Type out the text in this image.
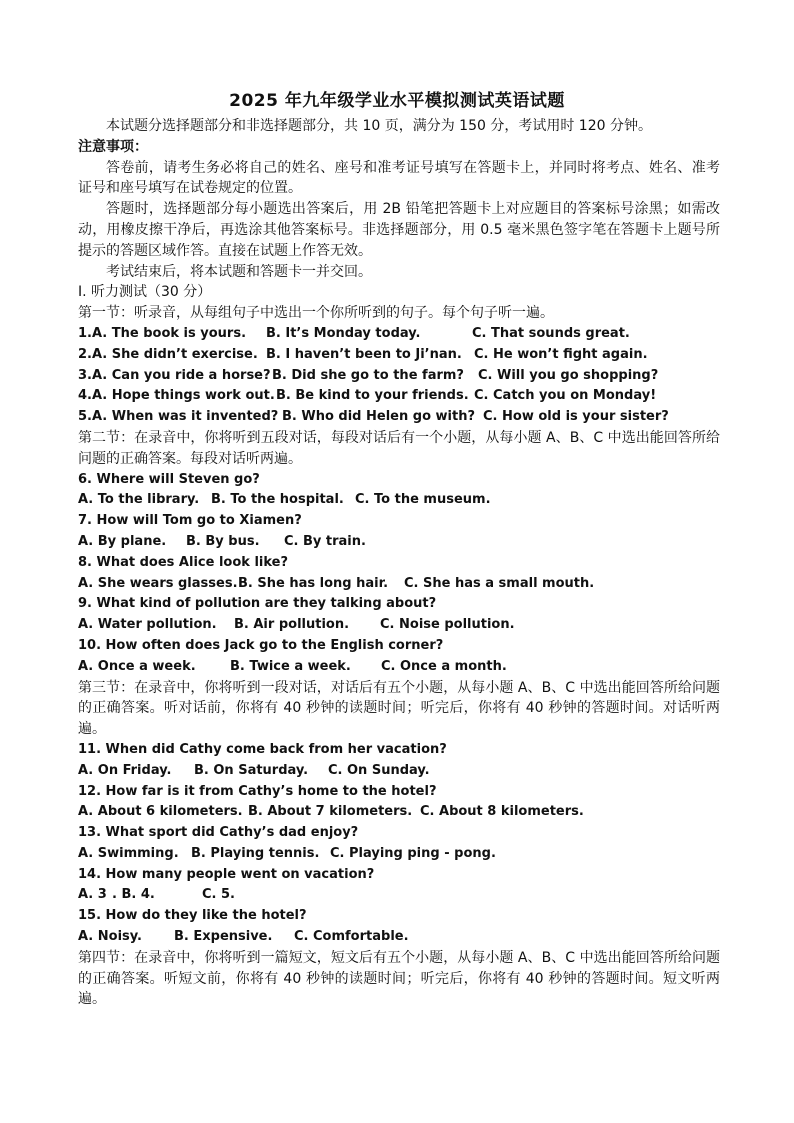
2025 年九年级学业水平模拟测试英语试题

本试题分选择题部分和非选择题部分，共 10 页，满分为 150 分，考试用时 120 分钟。

注意事项：

答卷前，请考生务必将自己的姓名、座号和准考证号填写在答题卡上，并同时将考点、姓名、准考证号和座号填写在试卷规定的位置。

答题时，选择题部分每小题选出答案后，用 2B 铅笔把答题卡上对应题目的答案标号涂黑；如需改动，用橡皮擦干净后，再选涂其他答案标号。非选择题部分，用 0.5 毫米黑色签字笔在答题卡上题号所提示的答题区域作答。直接在试题上作答无效。

考试结束后，将本试题和答题卡一并交回。

I. 听力测试（30 分）

第一节：听录音，从每组句子中选出一个你所听到的句子。每个句子听一遍。

1.A. The book is yours. B. It’s Monday today.	C. That sounds great.
2.A. She didn’t exercise. B. I haven’t been to Ji’nan. C. He won’t fight again.
3.A. Can you ride a horse? B. Did she go to the farm? C. Will you go shopping?
4.A. Hope things work out. B. Be kind to your friends. C. Catch you on Monday!
5.A. When was it invented? B. Who did Helen go with? C. How old is your sister?

第二节：在录音中，你将听到五段对话，每段对话后有一个小题，从每小题 A、B、C 中选出能回答所给问题的正确答案。每段对话听两遍。

6. Where will Steven go?

A. To the library. B. To the hospital. C. To the museum.

7. How will Tom go to Xiamen?

A. By plane. B. By bus. C. By train.

8. What does Alice look like?

A. She wears glasses. B. She has long hair. C. She has a small mouth.

9. What kind of pollution are they talking about?

A. Water pollution. B. Air pollution. C. Noise pollution.

10. How often does Jack go to the English corner?

A. Once a week.	B. Twice a week. C. Once a month.

第三节：在录音中，你将听到一段对话，对话后有五个小题，从每小题 A、B、C 中选出能回答所给问题的正确答案。听对话前，你将有 40 秒钟的读题时间；听完后，你将有 40 秒钟的答题时间。对话听两遍。

11. When did Cathy come back from her vacation?

A. On Friday. B. On Saturday. C. On Sunday.

12. How far is it from Cathy’s home to the hotel?

A. About 6 kilometers. B. About 7 kilometers. C. About 8 kilometers.

13. What sport did Cathy’s dad enjoy?

A. Swimming. B. Playing tennis. C. Playing ping - pong.

14. How many people went on vacation?

A. 3 . B. 4.	C. 5.

15. How do they like the hotel?

A. Noisy. B. Expensive. C. Comfortable.

第四节：在录音中，你将听到一篇短文，短文后有五个小题，从每小题 A、B、C 中选出能回答所给问题的正确答案。听短文前，你将有 40 秒钟的读题时间；听完后，你将有 40 秒钟的答题时间。短文听两遍。
